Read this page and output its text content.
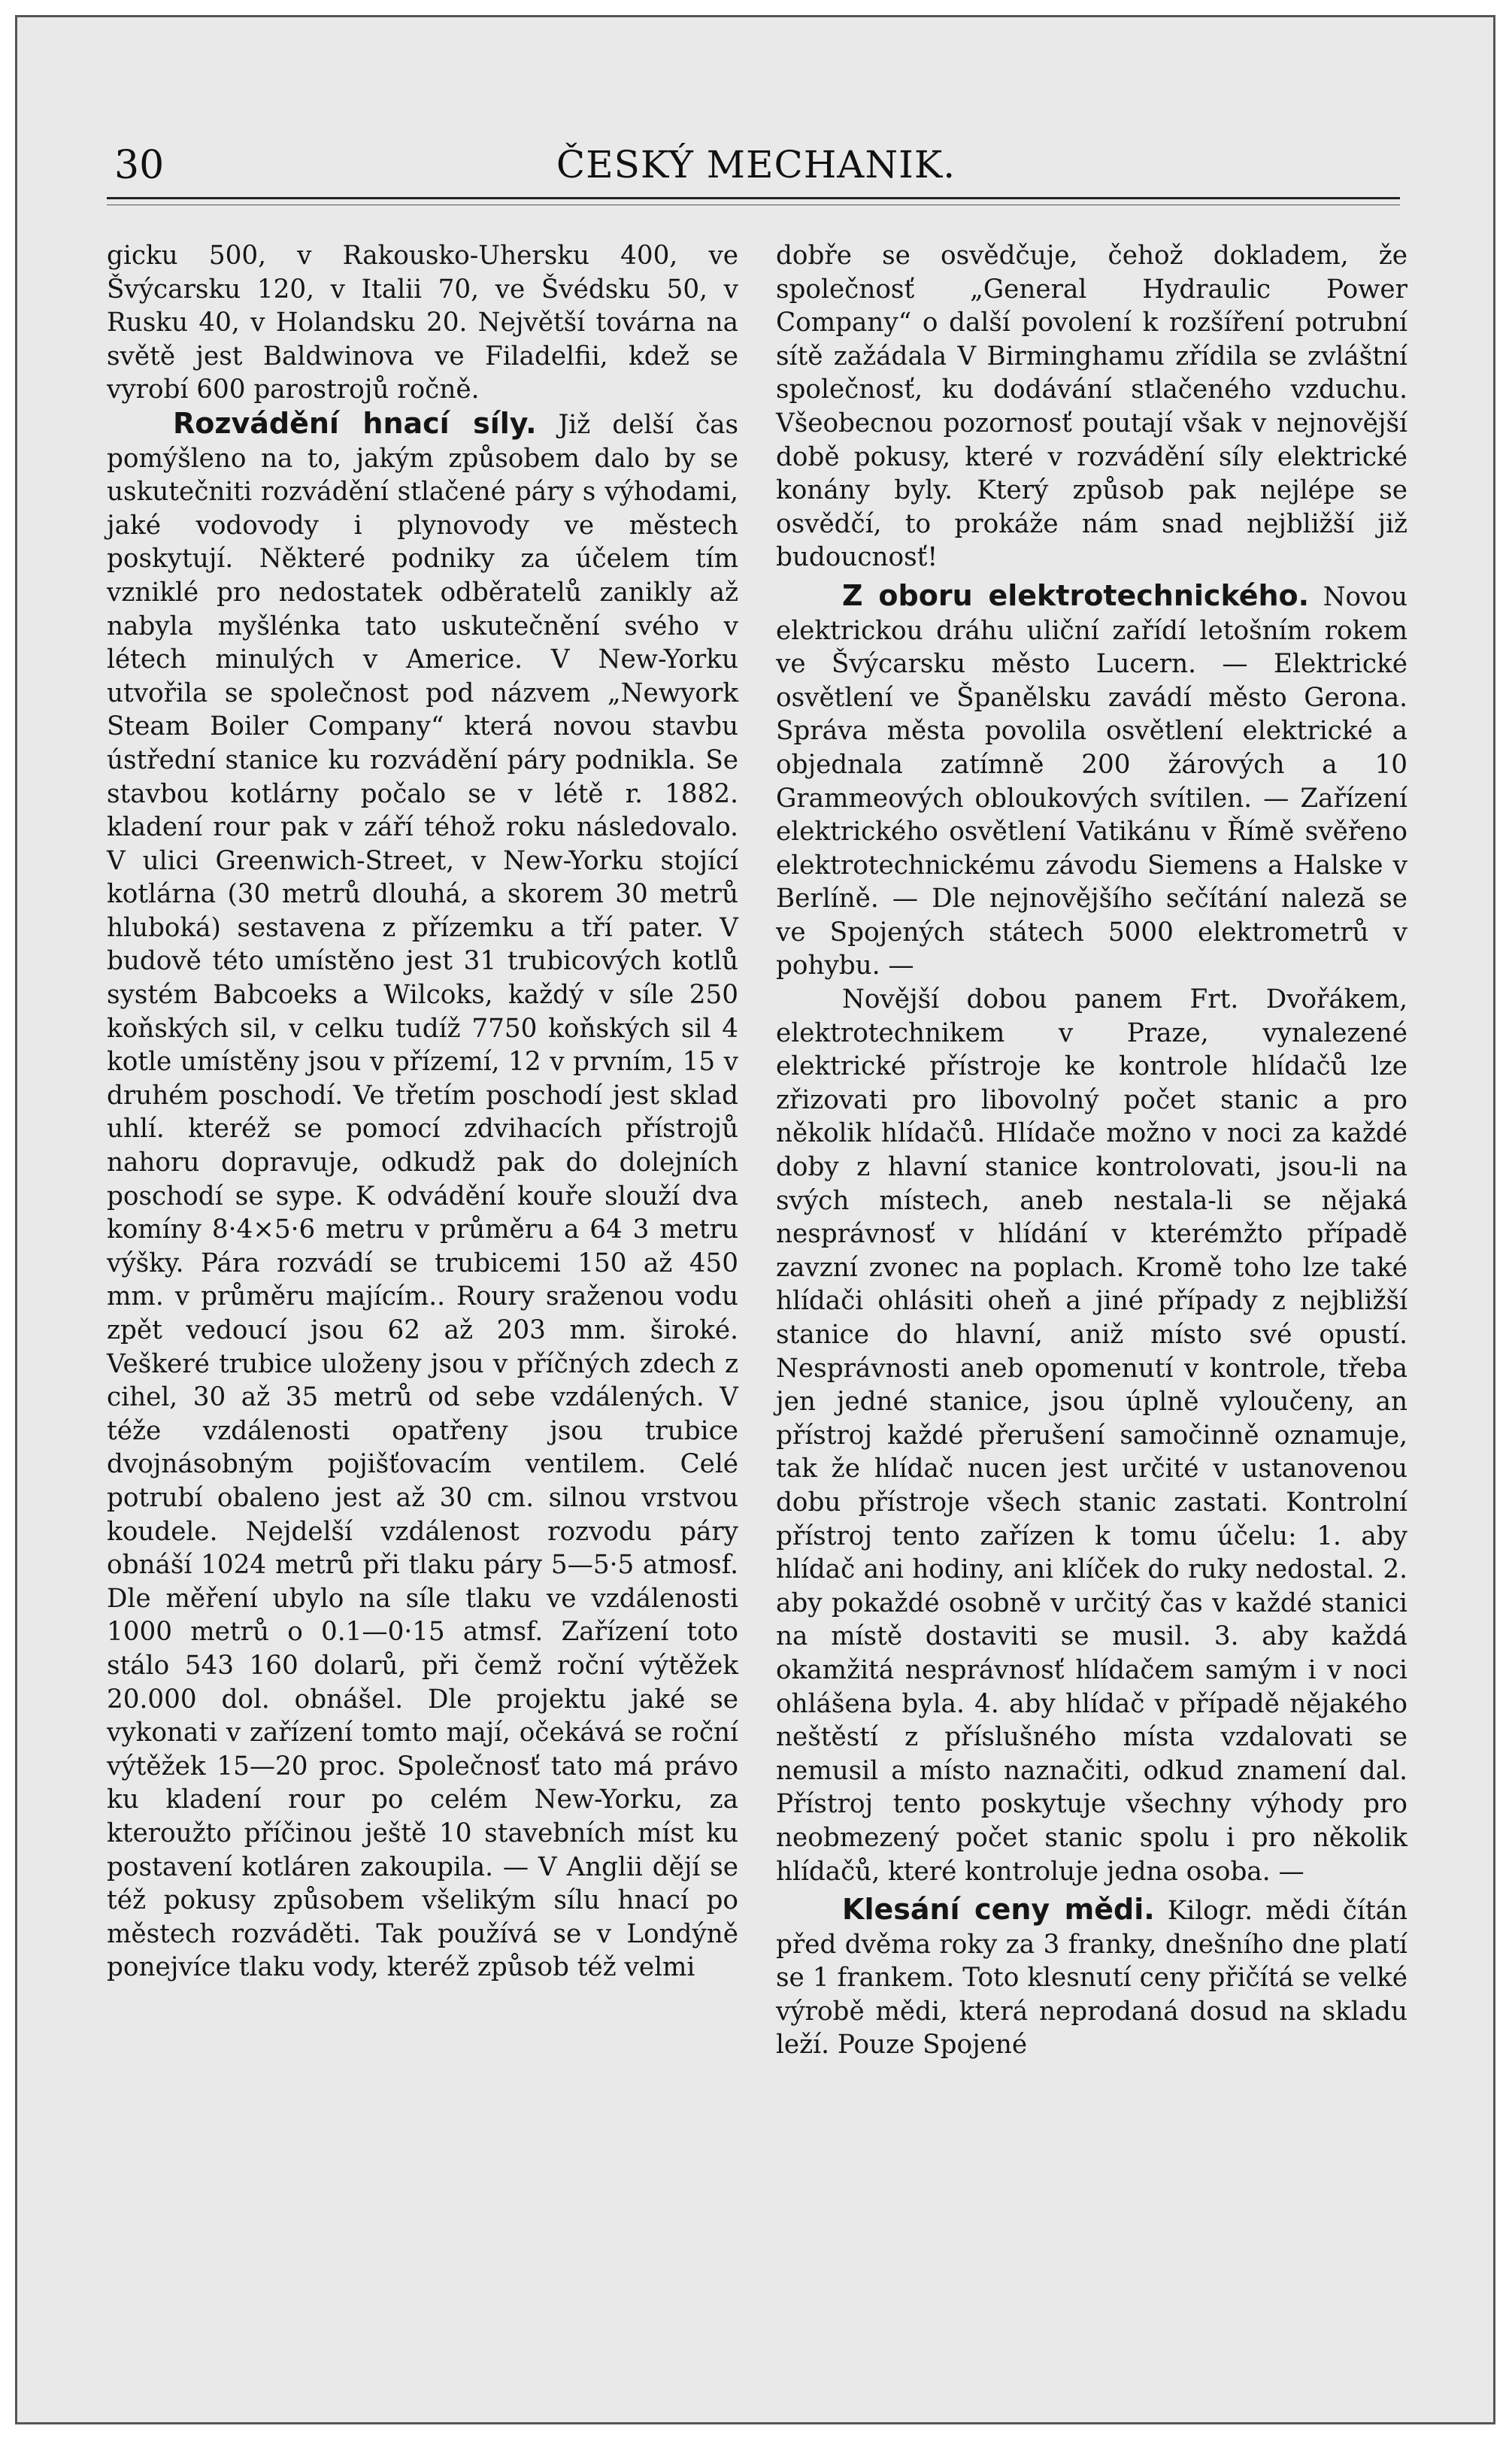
30	ČESKÝ MECHANIK.

gicku 500, v Rakousko-Uhersku 400, ve Švýcarsku 120, v Italii 70, ve Švédsku 50, v Rusku 40, v Holandsku 20. Největší továrna na světě jest Baldwinova ve Filadelfii, kdež se vyrobí 600 parostrojů ročně.

Rozvádění hnací síly. Již delší čas pomýšleno na to, jakým způsobem dalo by se uskutečniti rozvádění stlačené páry s výhodami, jaké vodovody i plynovody ve městech poskytují. Některé podniky za účelem tím vzniklé pro nedostatek odběratelů zanikly až nabyla myšlénka tato uskutečnění svého v létech minulých v Americe. V New-Yorku utvořila se společnost pod názvem „Newyork Steam Boiler Company“ která novou stavbu ústřední stanice ku rozvádění páry podnikla. Se stavbou kotlárny počalo se v létě r. 1882. kladení rour pak v září téhož roku následovalo. V ulici Greenwich-Street, v New-Yorku stojící kotlárna (30 metrů dlouhá, a skorem 30 metrů hluboká) sestavena z přízemku a tří pater. V budově této umístěno jest 31 trubicových kotlů systém Babcoeks a Wilcoks, každý v síle 250 koňských sil, v celku tudíž 7750 koňských sil 4 kotle umístěny jsou v přízemí, 12 v prvním, 15 v druhém poschodí. Ve třetím poschodí jest sklad uhlí. kteréž se pomocí zdvihacích přístrojů nahoru dopravuje, odkudž pak do dolejních poschodí se sype. K odvádění kouře slouží dva komíny 8·4×5·6 metru v průměru a 64 3 metru výšky. Pára rozvádí se trubicemi 150 až 450 mm. v průměru majícím.. Roury sraženou vodu zpět vedoucí jsou 62 až 203 mm. široké. Veškeré trubice uloženy jsou v příčných zdech z cihel, 30 až 35 metrů od sebe vzdálených. V téže vzdálenosti opatřeny jsou trubice dvojnásobným pojišťovacím ventilem. Celé potrubí obaleno jest až 30 cm. silnou vrstvou koudele. Nejdelší vzdálenost rozvodu páry obnáší 1024 metrů při tlaku páry 5—5·5 atmosf. Dle měření ubylo na síle tlaku ve vzdálenosti 1000 metrů o 0.1—0·15 atmsf. Zařízení toto stálo 543 160 dolarů, při čemž roční výtěžek 20.000 dol. obnášel. Dle projektu jaké se vykonati v zařízení tomto mají, očekává se roční výtěžek 15—20 proc. Společnosť tato má právo ku kladení rour po celém New-Yorku, za kteroužto příčinou ještě 10 stavebních míst ku postavení kotláren zakoupila. — V Anglii dějí se též pokusy způsobem všelikým sílu hnací po městech rozváděti. Tak používá se v Londýně ponejvíce tlaku vody, kteréž způsob též velmi

dobře se osvědčuje, čehož dokladem, že společnosť „General Hydraulic Power Company“ o další povolení k rozšíření potrubní sítě zažádala V Birminghamu zřídila se zvláštní společnosť, ku dodávání stlačeného vzduchu. Všeobecnou pozornosť poutají však v nejnovější době pokusy, které v rozvádění síly elektrické konány byly. Který způsob pak nejlépe se osvědčí, to prokáže nám snad nejbližší již budoucnosť!

Z oboru elektrotechnického. Novou elektrickou dráhu uliční zařídí letošním rokem ve Švýcarsku město Lucern. — Elektrické osvětlení ve Španělsku zavádí město Gerona. Správa města povolila osvětlení elektrické a objednala zatímně 200 žárových a 10 Grammeových obloukových svítilen. — Zařízení elektrického osvětlení Vatikánu v Římě svěřeno elektrotechnickému závodu Siemens a Halske v Berlíně. — Dle nejnovějšího sečítání naleză se ve Spojených státech 5000 elektrometrů v pohybu. —

Novější dobou panem Frt. Dvořákem, elektrotechnikem v Praze, vynalezené elektrické přístroje ke kontrole hlídačů lze zřizovati pro libovolný počet stanic a pro několik hlídačů. Hlídače možno v noci za každé doby z hlavní stanice kontrolovati, jsou-li na svých místech, aneb nestala-li se nějaká nesprávnosť v hlídání v kterémžto případě zavzní zvonec na poplach. Kromě toho lze také hlídači ohlásiti oheň a jiné případy z nejbližší stanice do hlavní, aniž místo své opustí. Nesprávnosti aneb opomenutí v kontrole, třeba jen jedné stanice, jsou úplně vyloučeny, an přístroj každé přerušení samočinně oznamuje, tak že hlídač nucen jest určité v ustanovenou dobu přístroje všech stanic zastati. Kontrolní přístroj tento zařízen k tomu účelu: 1. aby hlídač ani hodiny, ani klíček do ruky nedostal. 2. aby pokaždé osobně v určitý čas v každé stanici na místě dostaviti se musil. 3. aby každá okamžitá nesprávnosť hlídačem samým i v noci ohlášena byla. 4. aby hlídač v případě nějakého neštěstí z příslušného místa vzdalovati se nemusil a místo naznačiti, odkud znamení dal. Přístroj tento poskytuje všechny výhody pro neobmezený počet stanic spolu i pro několik hlídačů, které kontroluje jedna osoba. —

Klesání ceny mědi. Kilogr. mědi čítán před dvěma roky za 3 franky, dnešního dne platí se 1 frankem. Toto klesnutí ceny přičítá se velké výrobě mědi, která neprodaná dosud na skladu leží. Pouze Spojené
